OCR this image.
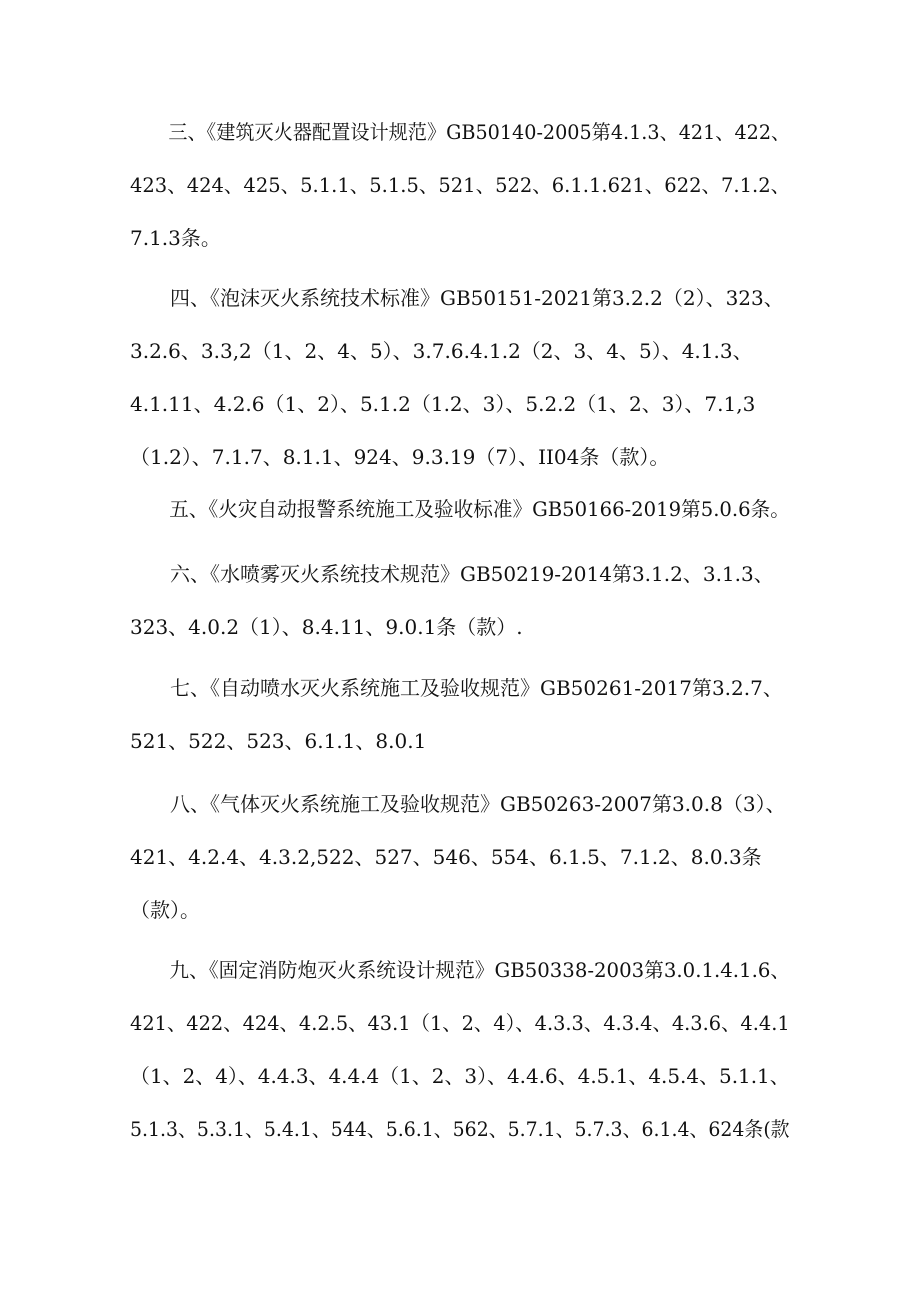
　　三、《建筑灭火器配置设计规范》GB50140-2005第4.1.3、421、422、
423、424、425、5.1.1、5.1.5、521、522、6.1.1.621、622、7.1.2、
7.1.3条。
　　四、《泡沫灭火系统技术标准》GB50151-2021第3.2.2（2）、323、
3.2.6、3.3,2（1、2、4、5）、3.7.6.4.1.2（2、3、4、5）、4.1.3、
4.1.11、4.2.6（1、2）、5.1.2（1.2、3）、5.2.2（1、2、3）、7.1,3
（1.2）、7.1.7、8.1.1、924、9.3.19（7）、II04条（款）。
　　五、《火灾自动报警系统施工及验收标准》GB50166-2019第5.0.6条。
　　六、《水喷雾灭火系统技术规范》GB50219-2014第3.1.2、3.1.3、
323、4.0.2（1）、8.4.11、9.0.1条（款）.
　　七、《自动喷水灭火系统施工及验收规范》GB50261-2017第3.2.7、
521、522、523、6.1.1、8.0.1
　　八、《气体灭火系统施工及验收规范》GB50263-2007第3.0.8（3）、
421、4.2.4、4.3.2,522、527、546、554、6.1.5、7.1.2、8.0.3条
（款）。
　　九、《固定消防炮灭火系统设计规范》GB50338-2003第3.0.1.4.1.6、
421、422、424、4.2.5、43.1（1、2、4）、4.3.3、4.3.4、4.3.6、4.4.1
（1、2、4）、4.4.3、4.4.4（1、2、3）、4.4.6、4.5.1、4.5.4、5.1.1、
5.1.3、5.3.1、5.4.1、544、5.6.1、562、5.7.1、5.7.3、6.1.4、624条(款
